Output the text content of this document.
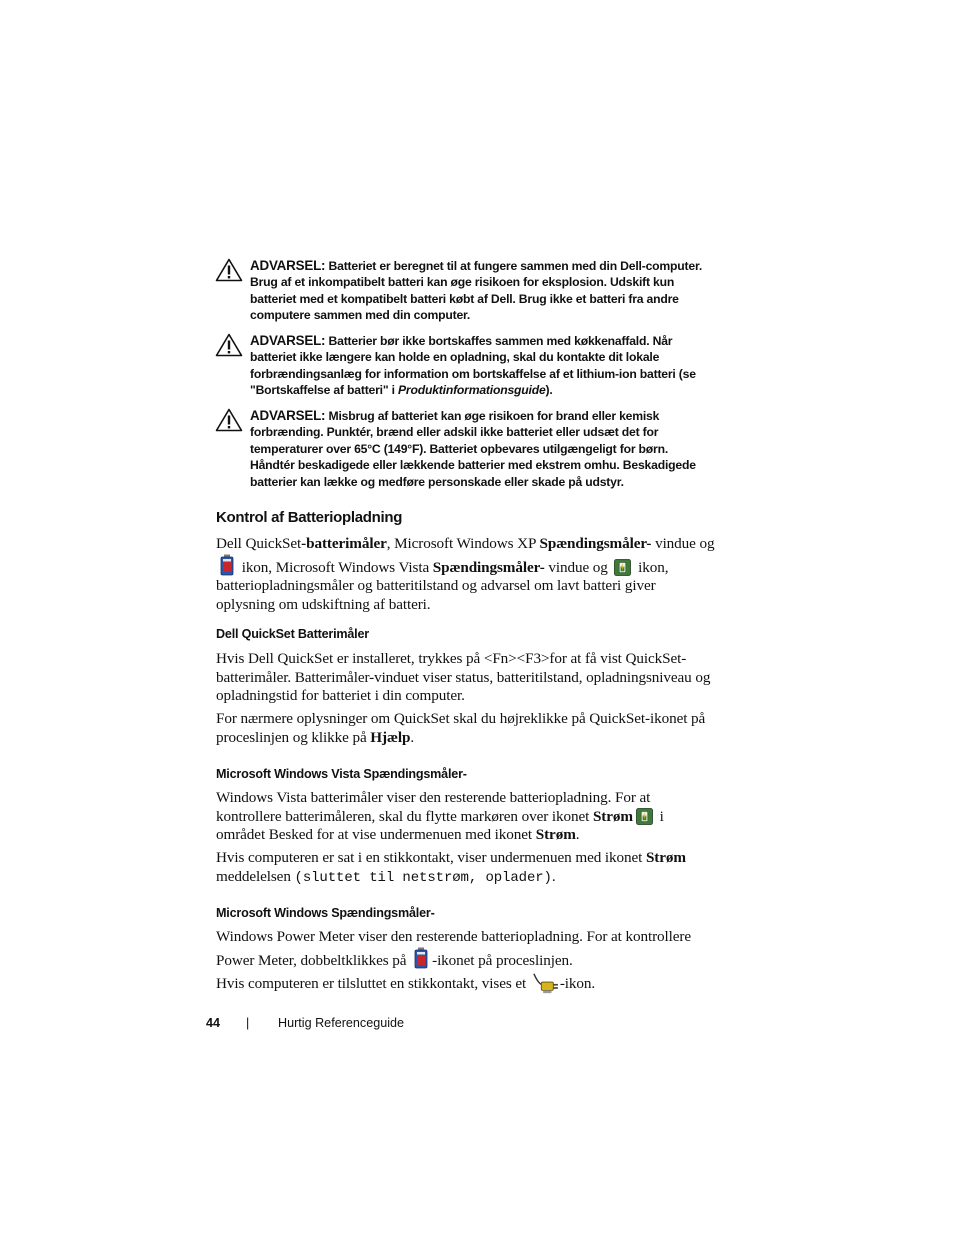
ADVARSEL: Batteriet er beregnet til at fungere sammen med din Dell-computer. Brug af et inkompatibelt batteri kan øge risikoen for eksplosion. Udskift kun batteriet med et kompatibelt batteri købt af Dell. Brug ikke et batteri fra andre computere sammen med din computer.
ADVARSEL: Batterier bør ikke bortskaffes sammen med køkkenaffald. Når batteriet ikke længere kan holde en opladning, skal du kontakte dit lokale forbrændingsanlæg for information om bortskaffelse af et lithium-ion batteri (se "Bortskaffelse af batteri" i Produktinformationsguide).
ADVARSEL: Misbrug af batteriet kan øge risikoen for brand eller kemisk forbrænding. Punktér, brænd eller adskil ikke batteriet eller udsæt det for temperaturer over 65°C (149°F). Batteriet opbevares utilgængeligt for børn. Håndtér beskadigede eller lækkende batterier med ekstrem omhu. Beskadigede batterier kan lække og medføre personskade eller skade på udstyr.
Kontrol af Batteriopladning
Dell QuickSet-batterimåler, Microsoft Windows XP Spændingsmåler- vindue og  ikon, Microsoft Windows Vista Spændingsmåler- vindue og  ikon, batteriopladningsmåler og batteritilstand og advarsel om lavt batteri giver oplysning om udskiftning af batteri.
Dell QuickSet Batterimåler
Hvis Dell QuickSet er installeret, trykkes på <Fn><F3>for at få vist QuickSet-batterimåler. Batterimåler-vinduet viser status, batteritilstand, opladningsniveau og opladningstid for batteriet i din computer.
For nærmere oplysninger om QuickSet skal du højreklikke på QuickSet-ikonet på proceslinjen og klikke på Hjælp.
Microsoft Windows Vista Spændingsmåler-
Windows Vista batterimåler viser den resterende batteriopladning. For at kontrollere batterimåleren, skal du flytte markøren over ikonet Strøm i området Besked for at vise undermenuen med ikonet Strøm.
Hvis computeren er sat i en stikkontakt, viser undermenuen med ikonet Strøm meddelelsen (sluttet til netstrøm, oplader).
Microsoft Windows Spændingsmåler-
Windows Power Meter viser den resterende batteriopladning. For at kontrollere Power Meter, dobbeltklikkes på -ikonet på proceslinjen.
Hvis computeren er tilsluttet en stikkontakt, vises et -ikon.
44 | Hurtig Referenceguide
